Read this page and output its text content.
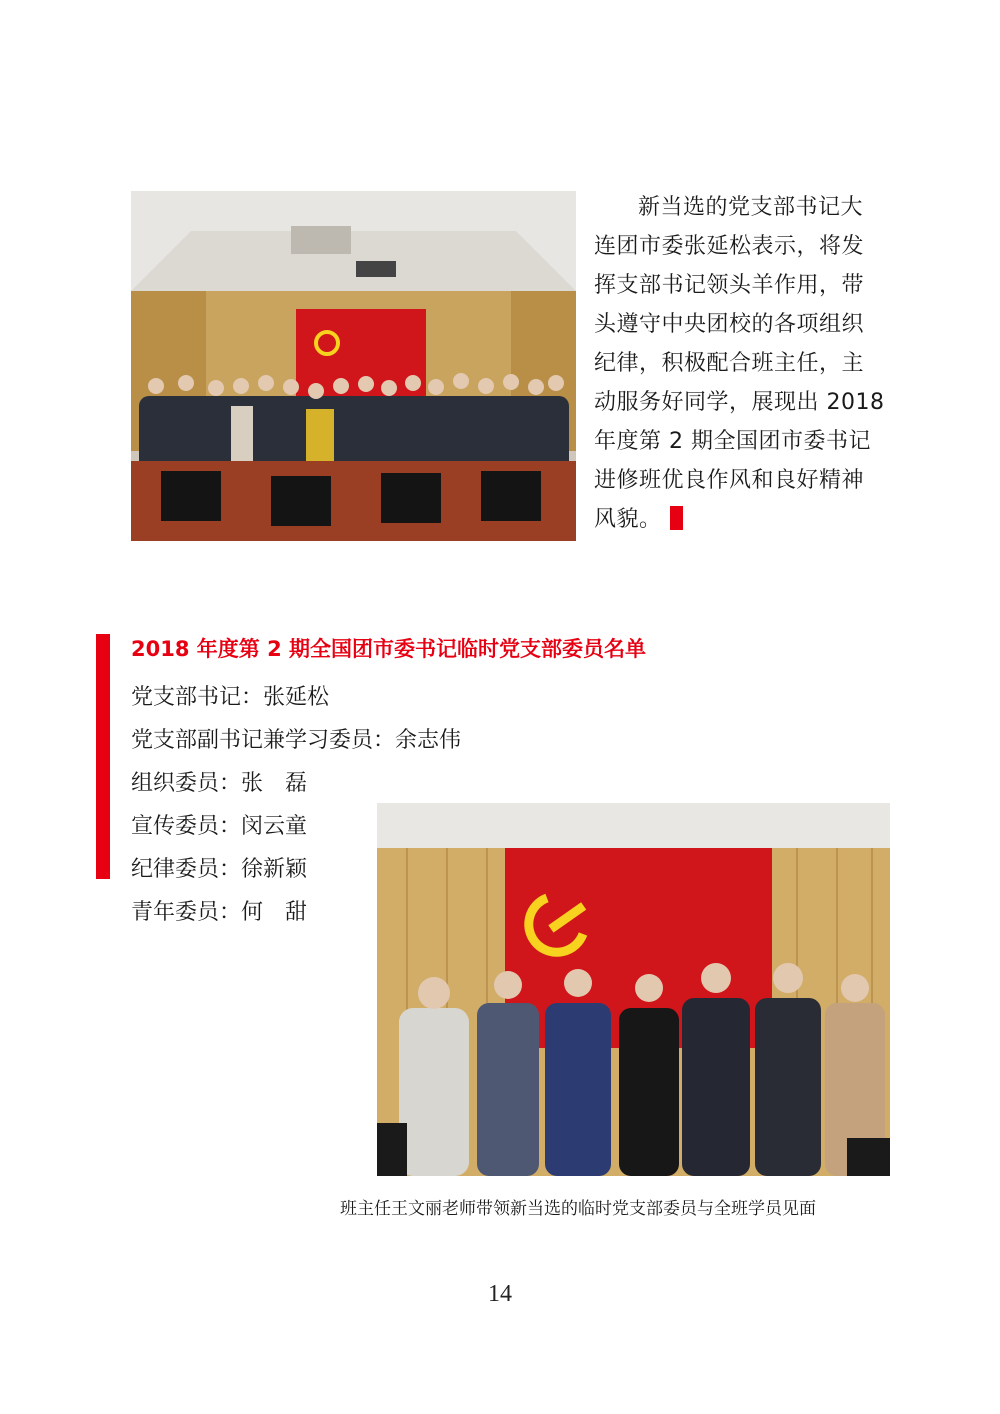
新当选的党支部书记大
连团市委张延松表示，将发
挥支部书记领头羊作用，带
头遵守中央团校的各项组织
纪律，积极配合班主任，主
动服务好同学，展现出 2018
年度第 2 期全国团市委书记
进修班优良作风和良好精神
风貌。
2018 年度第 2 期全国团市委书记临时党支部委员名单
党支部书记：张延松
党支部副书记兼学习委员：余志伟
组织委员：张　磊
宣传委员：闵云童
纪律委员：徐新颖
青年委员：何　甜
班主任王文丽老师带领新当选的临时党支部委员与全班学员见面
14
